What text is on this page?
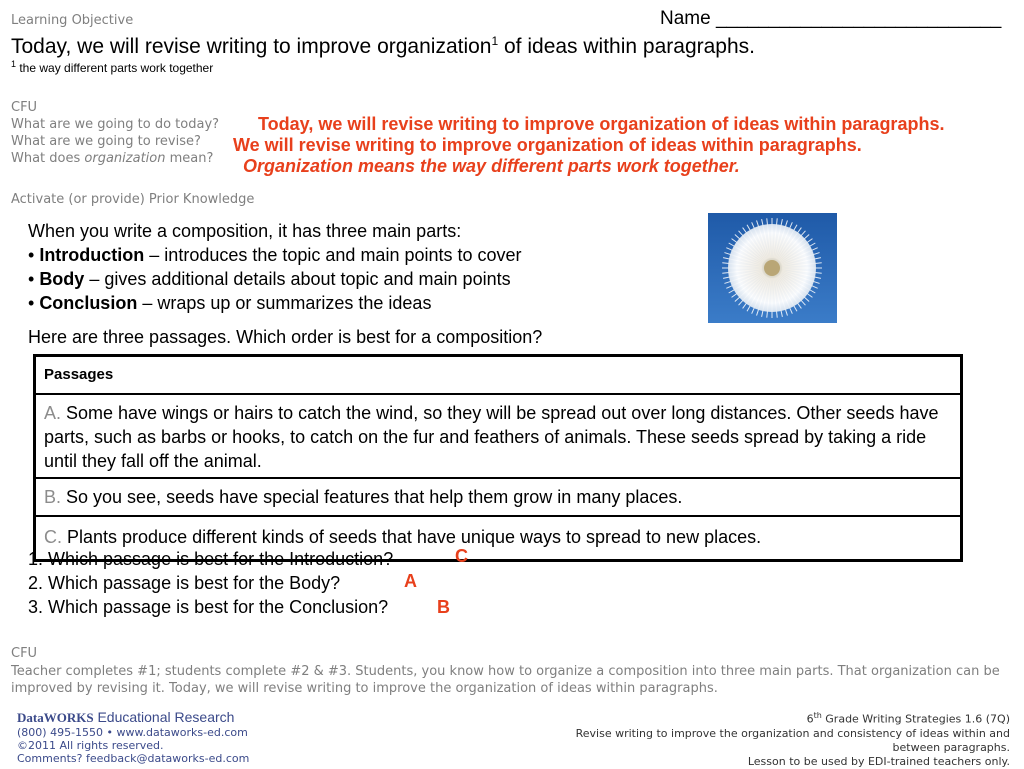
Learning Objective	Name ___________________________
Today, we will revise writing to improve organization$^1$ of ideas within paragraphs.
$^1$ the way different parts work together
CFU
What are we going to do today?
What are we going to revise?
What does organization mean?
Today, we will revise writing to improve organization of ideas within paragraphs.
We will revise writing to improve organization of ideas within paragraphs.
Organization means the way different parts work together.
Activate (or provide) Prior Knowledge
When you write a composition, it has three main parts:
• Introduction – introduces the topic and main points to cover
• Body – gives additional details about topic and main points
• Conclusion – wraps up or summarizes the ideas
Here are three passages. Which order is best for a composition?
Passages
A. Some have wings or hairs to catch the wind, so they will be spread out over long distances. Other seeds have parts, such as barbs or hooks, to catch on the fur and feathers of animals. These seeds spread by taking a ride until they fall off the animal.
B. So you see, seeds have special features that help them grow in many places.
C. Plants produce different kinds of seeds that have unique ways to spread to new places.
1. Which passage is best for the Introduction?
2. Which passage is best for the Body?
3. Which passage is best for the Conclusion?
C
A
B
CFU
Teacher completes #1; students complete #2 & #3. Students, you know how to organize a composition into three main parts. That organization can be improved by revising it. Today, we will revise writing to improve the organization of ideas within paragraphs.
DataWORKS Educational Research
(800) 495-1550 • www.dataworks-ed.com
©2011 All rights reserved.
Comments? feedback@dataworks-ed.com
6th Grade Writing Strategies 1.6 (7Q)
Revise writing to improve the organization and consistency of ideas within and
between paragraphs.
Lesson to be used by EDI-trained teachers only.
